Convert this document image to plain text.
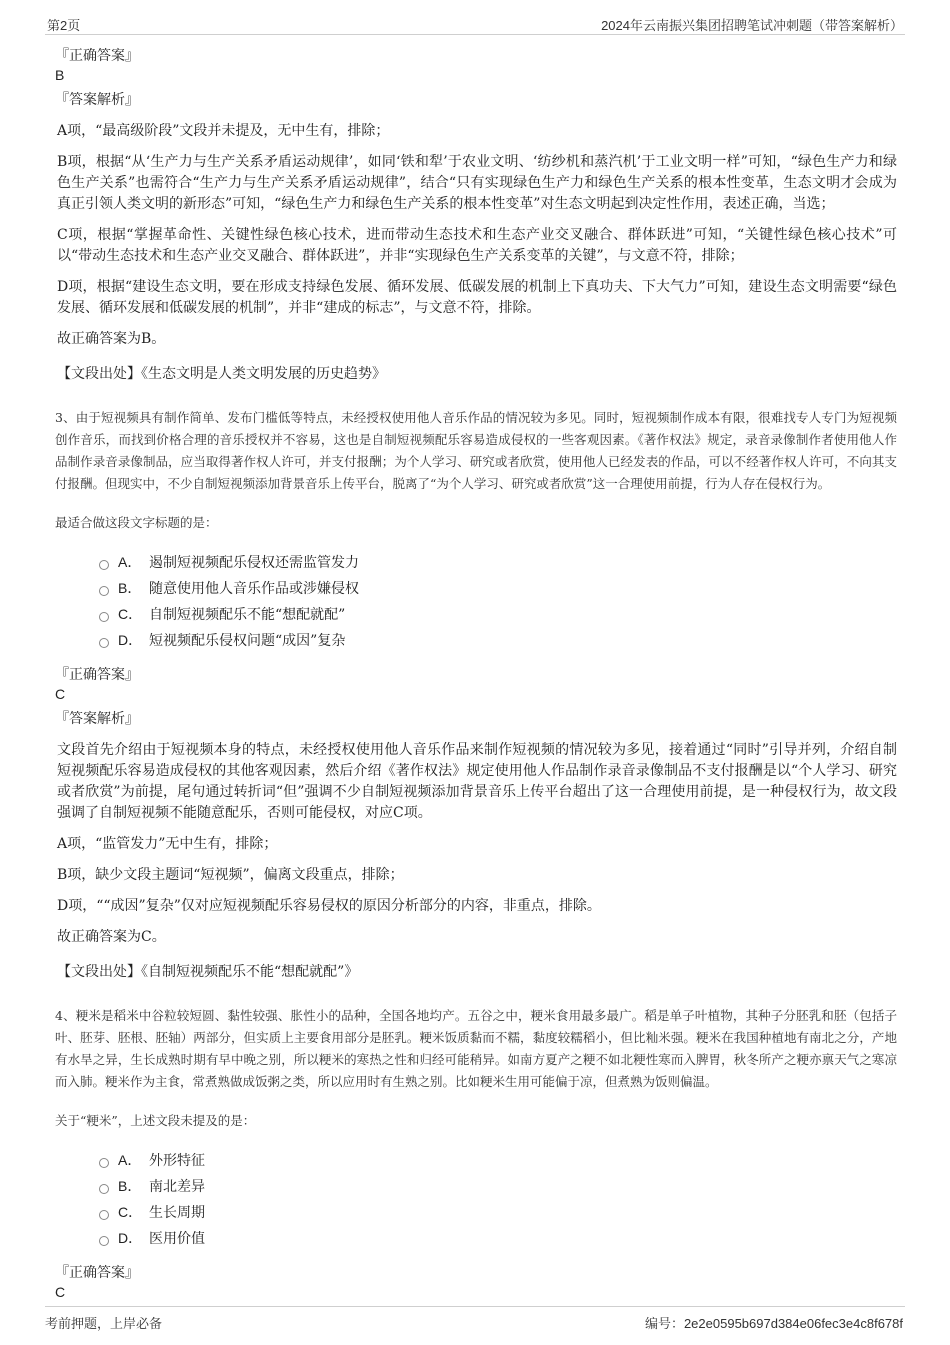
第2页	2024年云南振兴集团招聘笔试冲刺题（带答案解析）
『正确答案』
B
『答案解析』
A项，“最高级阶段”文段并未提及，无中生有，排除；
B项，根据“从‘生产力与生产关系矛盾运动规律’，如同‘铁和犁’于农业文明、‘纺纱机和蒸汽机’于工业文明一样”可知，“绿色生产力和绿色生产关系”也需符合“生产力与生产关系矛盾运动规律”，结合“只有实现绿色生产力和绿色生产关系的根本性变革，生态文明才会成为真正引领人类文明的新形态”可知，“绿色生产力和绿色生产关系的根本性变革”对生态文明起到决定性作用，表述正确，当选；
C项，根据“掌握革命性、关键性绿色核心技术，进而带动生态技术和生态产业交叉融合、群体跃进”可知，“关键性绿色核心技术”可以“带动生态技术和生态产业交叉融合、群体跃进”，并非“实现绿色生产关系变革的关键”，与文意不符，排除；
D项，根据“建设生态文明，要在形成支持绿色发展、循环发展、低碳发展的机制上下真功夫、下大气力”可知，建设生态文明需要“绿色发展、循环发展和低碳发展的机制”，并非“建成的标志”，与文意不符，排除。
故正确答案为B。
【文段出处】《生态文明是人类文明发展的历史趋势》
3、由于短视频具有制作简单、发布门槛低等特点，未经授权使用他人音乐作品的情况较为多见。同时，短视频制作成本有限，很难找专人专门为短视频创作音乐，而找到价格合理的音乐授权并不容易，这也是自制短视频配乐容易造成侵权的一些客观因素。《著作权法》规定，录音录像制作者使用他人作品制作录音录像制品，应当取得著作权人许可，并支付报酬；为个人学习、研究或者欣赏，使用他人已经发表的作品，可以不经著作权人许可，不向其支付报酬。但现实中，不少自制短视频添加背景音乐上传平台，脱离了“为个人学习、研究或者欣赏”这一合理使用前提，行为人存在侵权行为。
最适合做这段文字标题的是：
A． 遏制短视频配乐侵权还需监管发力
B． 随意使用他人音乐作品或涉嫌侵权
C． 自制短视频配乐不能“想配就配”
D． 短视频配乐侵权问题“成因”复杂
『正确答案』
C
『答案解析』
文段首先介绍由于短视频本身的特点，未经授权使用他人音乐作品来制作短视频的情况较为多见，接着通过“同时”引导并列，介绍自制短视频配乐容易造成侵权的其他客观因素，然后介绍《著作权法》规定使用他人作品制作录音录像制品不支付报酬是以“个人学习、研究或者欣赏”为前提，尾句通过转折词“但”强调不少自制短视频添加背景音乐上传平台超出了这一合理使用前提，是一种侵权行为，故文段强调了自制短视频不能随意配乐，否则可能侵权，对应C项。
A项，“监管发力”无中生有，排除；
B项，缺少文段主题词“短视频”，偏离文段重点，排除；
D项，““成因”复杂”仅对应短视频配乐容易侵权的原因分析部分的内容，非重点，排除。
故正确答案为C。
【文段出处】《自制短视频配乐不能“想配就配”》
4、粳米是稻米中谷粒较短圆、黏性较强、胀性小的品种，全国各地均产。五谷之中，粳米食用最多最广。稻是单子叶植物，其种子分胚乳和胚（包括子叶、胚芽、胚根、胚轴）两部分，但实质上主要食用部分是胚乳。粳米饭质黏而不糯，黏度较糯稻小，但比籼米强。粳米在我国种植地有南北之分，产地有水旱之异，生长成熟时期有早中晚之别，所以粳米的寒热之性和归经可能稍异。如南方夏产之粳不如北粳性寒而入脾胃，秋冬所产之粳亦禀天气之寒凉而入肺。粳米作为主食，常煮熟做成饭粥之类，所以应用时有生熟之别。比如粳米生用可能偏于凉，但煮熟为饭则偏温。
关于“粳米”，上述文段未提及的是：
A． 外形特征
B． 南北差异
C． 生长周期
D． 医用价值
『正确答案』
C
考前押题，上岸必备	编号：2e2e0595b697d384e06fec3e4c8f678f
